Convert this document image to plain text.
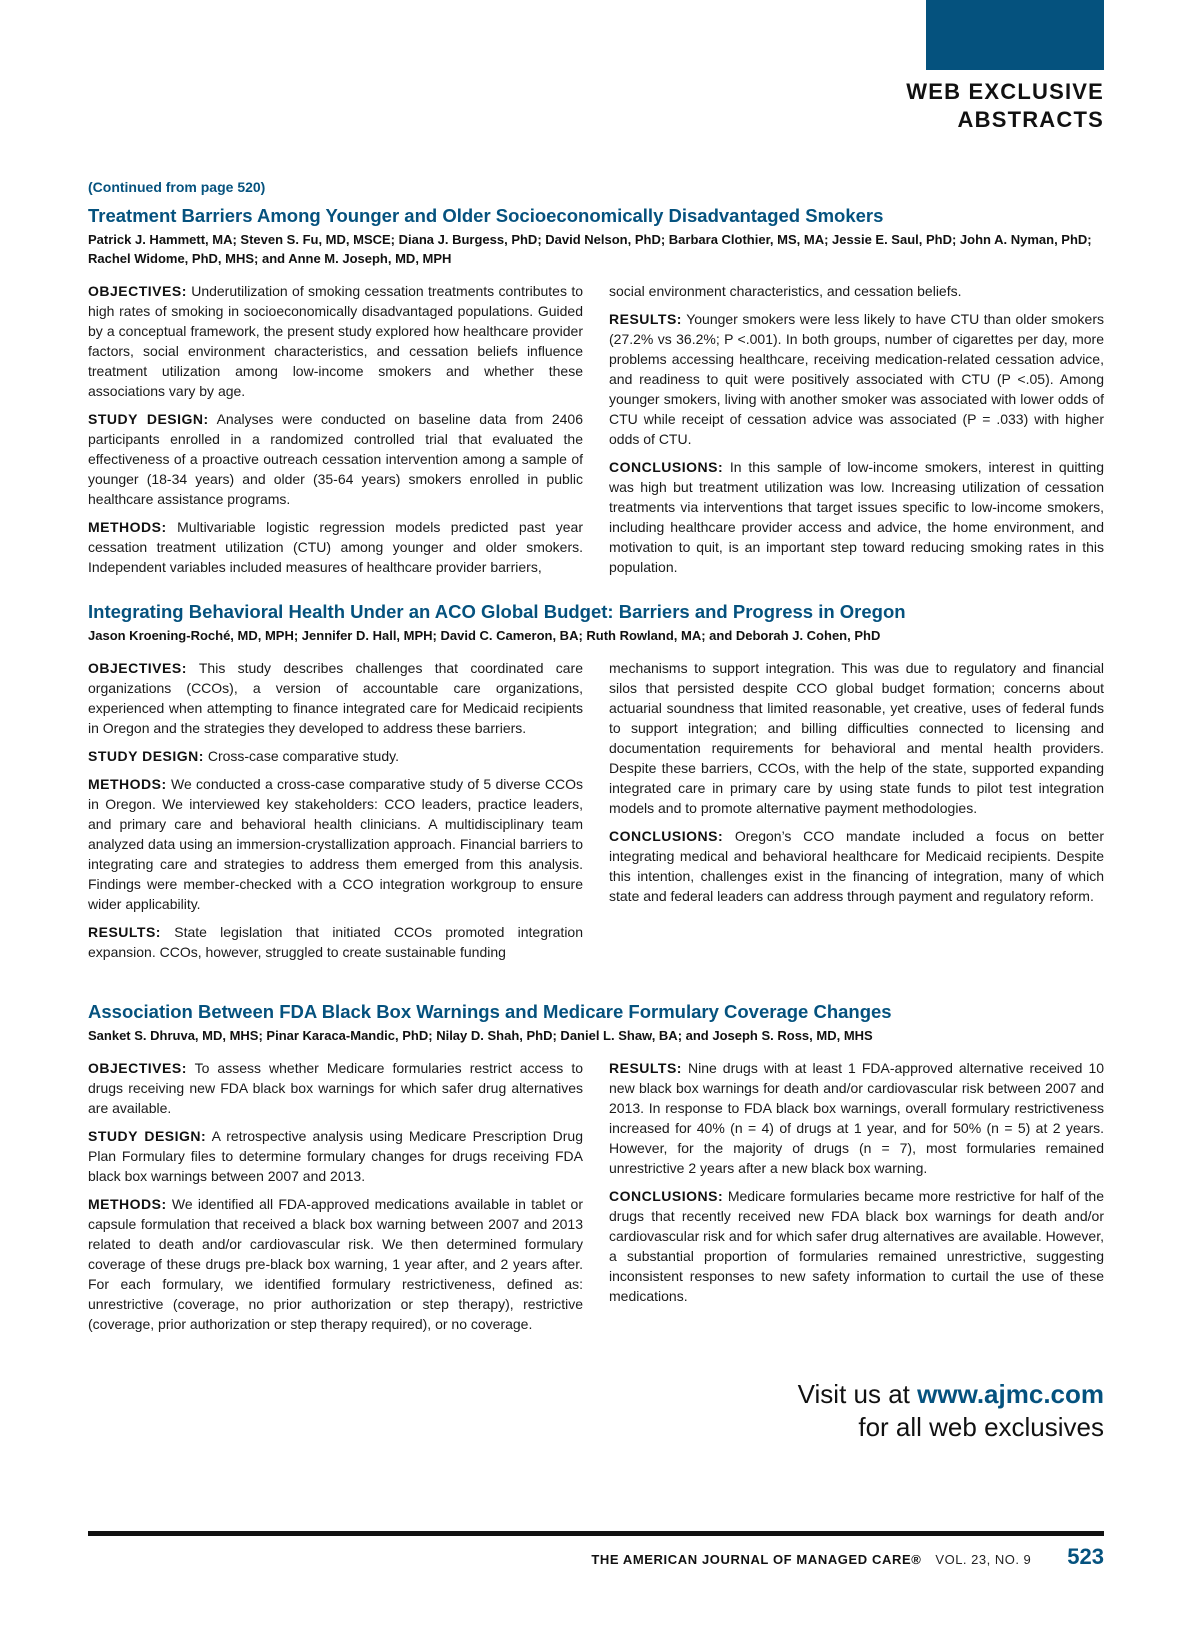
WEB EXCLUSIVE
ABSTRACTS
(Continued from page 520)
Treatment Barriers Among Younger and Older Socioeconomically Disadvantaged Smokers

Patrick J. Hammett, MA; Steven S. Fu, MD, MSCE; Diana J. Burgess, PhD; David Nelson, PhD; Barbara Clothier, MS, MA; Jessie E. Saul, PhD; John A. Nyman, PhD; Rachel Widome, PhD, MHS; and Anne M. Joseph, MD, MPH

OBJECTIVES: Underutilization of smoking cessation treatments contributes to high rates of smoking in socioeconomically disadvantaged populations. Guided by a conceptual framework, the present study explored how healthcare provider factors, social environment characteristics, and cessation beliefs influence treatment utilization among low-income smokers and whether these associations vary by age.

STUDY DESIGN: Analyses were conducted on baseline data from 2406 participants enrolled in a randomized controlled trial that evaluated the effectiveness of a proactive outreach cessation intervention among a sample of younger (18-34 years) and older (35-64 years) smokers enrolled in public healthcare assistance programs.

METHODS: Multivariable logistic regression models predicted past year cessation treatment utilization (CTU) among younger and older smokers. Independent variables included measures of healthcare provider barriers,

social environment characteristics, and cessation beliefs.

RESULTS: Younger smokers were less likely to have CTU than older smokers (27.2% vs 36.2%; P <.001). In both groups, number of cigarettes per day, more problems accessing healthcare, receiving medication-related cessation advice, and readiness to quit were positively associated with CTU (P <.05). Among younger smokers, living with another smoker was associated with lower odds of CTU while receipt of cessation advice was associated (P = .033) with higher odds of CTU.

CONCLUSIONS: In this sample of low-income smokers, interest in quitting was high but treatment utilization was low. Increasing utilization of cessation treatments via interventions that target issues specific to low-income smokers, including healthcare provider access and advice, the home environment, and motivation to quit, is an important step toward reducing smoking rates in this population.

Integrating Behavioral Health Under an ACO Global Budget: Barriers and Progress in Oregon

Jason Kroening-Roché, MD, MPH; Jennifer D. Hall, MPH; David C. Cameron, BA; Ruth Rowland, MA; and Deborah J. Cohen, PhD

OBJECTIVES: This study describes challenges that coordinated care organizations (CCOs), a version of accountable care organizations, experienced when attempting to finance integrated care for Medicaid recipients in Oregon and the strategies they developed to address these barriers.

STUDY DESIGN: Cross-case comparative study.

METHODS: We conducted a cross-case comparative study of 5 diverse CCOs in Oregon. We interviewed key stakeholders: CCO leaders, practice leaders, and primary care and behavioral health clinicians. A multidisciplinary team analyzed data using an immersion-crystallization approach. Financial barriers to integrating care and strategies to address them emerged from this analysis. Findings were member-checked with a CCO integration workgroup to ensure wider applicability.

RESULTS: State legislation that initiated CCOs promoted integration expansion. CCOs, however, struggled to create sustainable funding

mechanisms to support integration. This was due to regulatory and financial silos that persisted despite CCO global budget formation; concerns about actuarial soundness that limited reasonable, yet creative, uses of federal funds to support integration; and billing difficulties connected to licensing and documentation requirements for behavioral and mental health providers. Despite these barriers, CCOs, with the help of the state, supported expanding integrated care in primary care by using state funds to pilot test integration models and to promote alternative payment methodologies.

CONCLUSIONS: Oregon’s CCO mandate included a focus on better integrating medical and behavioral healthcare for Medicaid recipients. Despite this intention, challenges exist in the financing of integration, many of which state and federal leaders can address through payment and regulatory reform.

Association Between FDA Black Box Warnings and Medicare Formulary Coverage Changes

Sanket S. Dhruva, MD, MHS; Pinar Karaca-Mandic, PhD; Nilay D. Shah, PhD; Daniel L. Shaw, BA; and Joseph S. Ross, MD, MHS

OBJECTIVES: To assess whether Medicare formularies restrict access to drugs receiving new FDA black box warnings for which safer drug alternatives are available.

STUDY DESIGN: A retrospective analysis using Medicare Prescription Drug Plan Formulary files to determine formulary changes for drugs receiving FDA black box warnings between 2007 and 2013.

METHODS: We identified all FDA-approved medications available in tablet or capsule formulation that received a black box warning between 2007 and 2013 related to death and/or cardiovascular risk. We then determined formulary coverage of these drugs pre-black box warning, 1 year after, and 2 years after. For each formulary, we identified formulary restrictiveness, defined as: unrestrictive (coverage, no prior authorization or step therapy), restrictive (coverage, prior authorization or step therapy required), or no coverage.

RESULTS: Nine drugs with at least 1 FDA-approved alternative received 10 new black box warnings for death and/or cardiovascular risk between 2007 and 2013. In response to FDA black box warnings, overall formulary restrictiveness increased for 40% (n = 4) of drugs at 1 year, and for 50% (n = 5) at 2 years. However, for the majority of drugs (n = 7), most formularies remained unrestrictive 2 years after a new black box warning.

CONCLUSIONS: Medicare formularies became more restrictive for half of the drugs that recently received new FDA black box warnings for death and/or cardiovascular risk and for which safer drug alternatives are available. However, a substantial proportion of formularies remained unrestrictive, suggesting inconsistent responses to new safety information to curtail the use of these medications.

Visit us at www.ajmc.com
for all web exclusives
THE AMERICAN JOURNAL OF MANAGED CARE® VOL. 23, NO. 9 523
